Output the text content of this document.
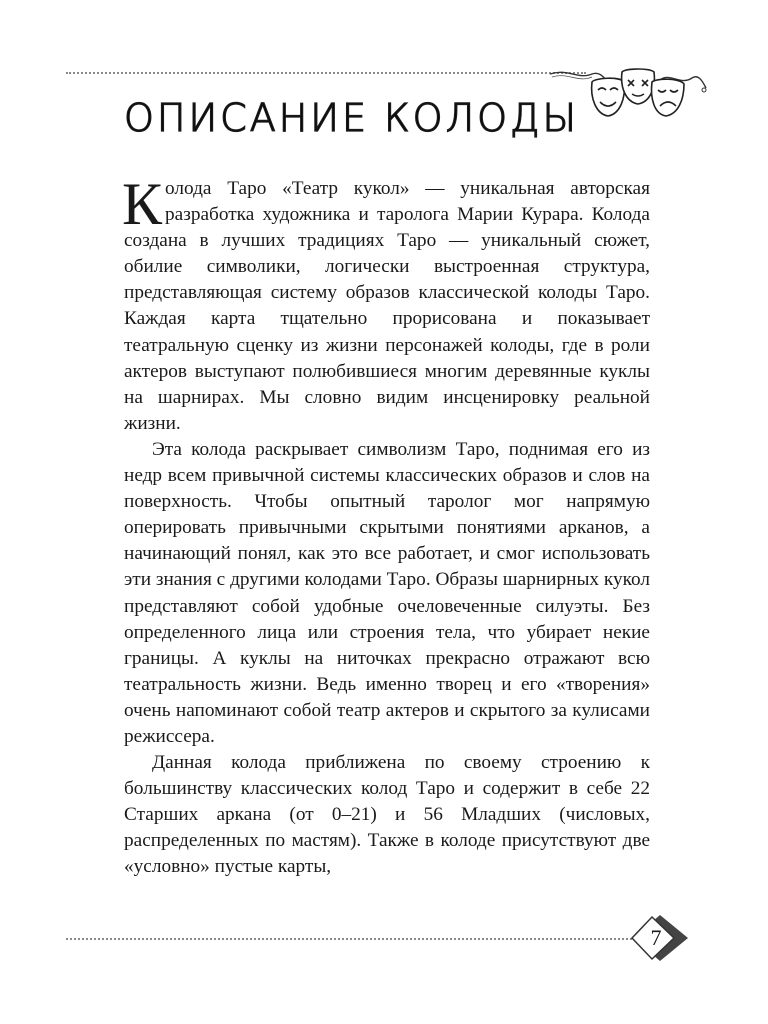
ОПИСАНИЕ КОЛОДЫ

Колода Таро «Театр кукол» — уникальная авторская разработка художника и таролога Марии Курара. Колода создана в лучших традициях Таро — уникальный сюжет, обилие символики, логически выстроенная структура, представляющая систему образов классической колоды Таро. Каждая карта тщательно прорисована и показывает театральную сценку из жизни персонажей колоды, где в роли актеров выступают полюбившиеся многим деревянные куклы на шарнирах. Мы словно видим инсценировку реальной жизни.

Эта колода раскрывает символизм Таро, поднимая его из недр всем привычной системы классических образов и слов на поверхность. Чтобы опытный таролог мог напрямую оперировать привычными скрытыми понятиями арканов, а начинающий понял, как это все работает, и смог использовать эти знания с другими колодами Таро. Образы шарнирных кукол представляют собой удобные очеловеченные силуэты. Без определенного лица или строения тела, что убирает некие границы. А куклы на ниточках прекрасно отражают всю театральность жизни. Ведь именно творец и его «творения» очень напоминают собой театр актеров и скрытого за кулисами режиссера.

Данная колода приближена по своему строению к большинству классических колод Таро и содержит в себе 22 Старших аркана (от 0–21) и 56 Младших (числовых, распределенных по мастям). Также в колоде присутствуют две «условно» пустые карты,

7
